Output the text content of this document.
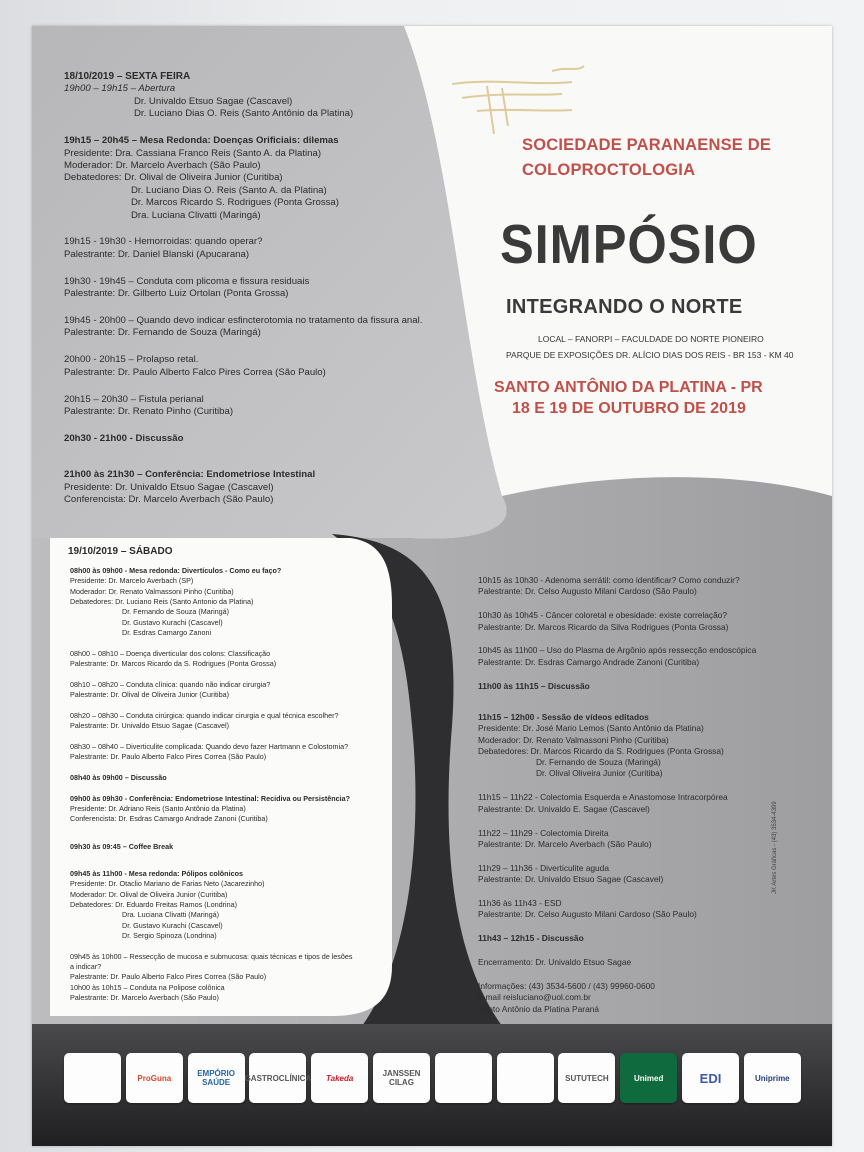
18/10/2019 – SEXTA FEIRA
19h00 – 19h15 – Abertura
Dr. Univaldo Etsuo Sagae (Cascavel)
Dr. Luciano Dias O. Reis (Santo Antônio da Platina)
19h15 – 20h45 – Mesa Redonda: Doenças Orificiais: dilemas
Presidente: Dra. Cassiana Franco Reis (Santo A. da Platina)
Moderador: Dr. Marcelo Averbach (São Paulo)
Debatedores: Dr. Olival de Oliveira Junior (Curitiba)
Dr. Luciano Dias O. Reis (Santo A. da Platina)
Dr. Marcos Ricardo S. Rodrigues (Ponta Grossa)
Dra. Luciana Clivatti (Maringá)
19h15 - 19h30 - Hemorroidas: quando operar?
Palestrante: Dr. Daniel Blanski (Apucarana)
19h30 - 19h45 – Conduta com plicoma e fissura residuais
Palestrante: Dr. Gilberto Luiz Ortolan (Ponta Grossa)
19h45 - 20h00 – Quando devo indicar esfincterotomia no tratamento da fissura anal.
Palestrante: Dr. Fernando de Souza (Maringá)
20h00 - 20h15 – Prolapso retal.
Palestrante: Dr. Paulo Alberto Falco Pires Correa (São Paulo)
20h15 – 20h30 – Fistula perianal
Palestrante: Dr. Renato Pinho (Curitiba)
20h30 - 21h00 - Discussão
21h00 às 21h30 – Conferência: Endometriose Intestinal
Presidente: Dr. Univaldo Etsuo Sagae (Cascavel)
Conferencista: Dr. Marcelo Averbach (São Paulo)
SOCIEDADE PARANAENSE DE
COLOPROCTOLOGIA
SIMPÓSIO
INTEGRANDO O NORTE
LOCAL – FANORPI – FACULDADE DO NORTE PIONEIRO
PARQUE DE EXPOSIÇÕES DR. ALÍCIO DIAS DOS REIS - BR 153 - KM 40
SANTO ANTÔNIO DA PLATINA - PR
18 E 19 DE OUTUBRO DE 2019
19/10/2019 – SÁBADO
08h00 às 09h00 - Mesa redonda: Divertículos - Como eu faço?
Presidente: Dr. Marcelo Averbach (SP)
Moderador: Dr. Renato Valmassoni Pinho (Curitiba)
Debatedores: Dr. Luciano Reis (Santo Antonio da Platina)
Dr. Fernando de Souza (Maringá)
Dr. Gustavo Kurachi (Cascavel)
Dr. Esdras Camargo Zanoni
08h00 – 08h10 – Doença diverticular dos colons: Classificação
Palestrante: Dr. Marcos Ricardo da S. Rodrigues (Ponta Grossa)
08h10 – 08h20 – Conduta clínica: quando não indicar cirurgia?
Palestrante: Dr. Olival de Oliveira Junior (Curitiba)
08h20 – 08h30 – Conduta cirúrgica: quando indicar cirurgia e qual técnica escolher?
Palestrante: Dr. Univaldo Etsuo Sagae (Cascavel)
08h30 – 08h40 – Diverticulite complicada: Quando devo fazer Hartmann e Colostomia?
Palestrante: Dr. Paulo Alberto Falco Pires Correa (São Paulo)
08h40 às 09h00 – Discussão
09h00 às 09h30 - Conferência: Endometriose Intestinal: Recidiva ou Persistência?
Presidente: Dr. Adriano Reis (Santo Antônio da Platina)
Conferencista: Dr. Esdras Camargo Andrade Zanoni (Curitiba)
09h30 às 09:45 – Coffee Break
09h45 às 11h00 - Mesa redonda: Pólipos colônicos
Presidente: Dr. Otaclio Mariano de Farias Neto (Jacarezinho)
Moderador: Dr. Olival de Oliveira Junior (Curitiba)
Debatedores: Dr. Eduardo Freitas Ramos (Londrina)
Dra. Luciana Clivatti (Maringá)
Dr. Gustavo Kurachi (Cascavel)
Dr. Sergio Spinoza (Londrina)
09h45 às 10h00 – Ressecção de mucosa e submucosa: quais técnicas e tipos de lesões
a indicar?
Palestrante: Dr. Paulo Alberto Falco Pires Correa (São Paulo)
10h00 às 10h15 – Conduta na Polipose colônica
Palestrante: Dr. Marcelo Averbach (São Paulo)
10h15 às 10h30 - Adenoma serrátil: como identificar? Como conduzir?
Palestrante: Dr. Celso Augusto Milani Cardoso (São Paulo)
10h30 às 10h45 - Câncer coloretal e obesidade: existe correlação?
Palestrante: Dr. Marcos Ricardo da Silva Rodrigues (Ponta Grossa)
10h45 às 11h00 – Uso do Plasma de Argônio após ressecção endoscópica
Palestrante: Dr. Esdras Camargo Andrade Zanoni (Curitiba)
11h00 às 11h15 – Discussão
11h15 – 12h00 - Sessão de vídeos editados
Presidente: Dr. José Mario Lemos (Santo Antônio da Platina)
Moderador: Dr. Renato Valmassoni Pinho (Curitiba)
Debatedores: Dr. Marcos Ricardo da S. Rodrigues (Ponta Grossa)
Dr. Fernando de Souza (Maringá)
Dr. Olival Oliveira Junior (Curitiba)
11h15 – 11h22 - Colectomia Esquerda e Anastomose Intracorpórea
Palestrante: Dr. Univaldo E. Sagae (Cascavel)
11h22 – 11h29 - Colectomia Direita
Palestrante: Dr. Marcelo Averbach (São Paulo)
11h29 – 11h36 - Diverticulite aguda
Palestrante: Dr. Univaldo Etsuo Sagae (Cascavel)
11h36 às 11h43 - ESD
Palestrante: Dr. Celso Augusto Milani Cardoso (São Paulo)
11h43 – 12h15 - Discussão
Encerramento: Dr. Univaldo Etsuo Sagae
Informações: (43) 3534-5600 / (43) 99960-0600
e-mail reisluciano@uol.com.br
Santo Antônio da Platina Paraná
JK Artes Gráficas - (43) 3534-4399
ProGuna	EMPÓRIO SAÚDE	GASTROCLÍNICA	Takeda	JANSSEN CILAG	SUTUTECH	Unimed	EDI	Uniprime
